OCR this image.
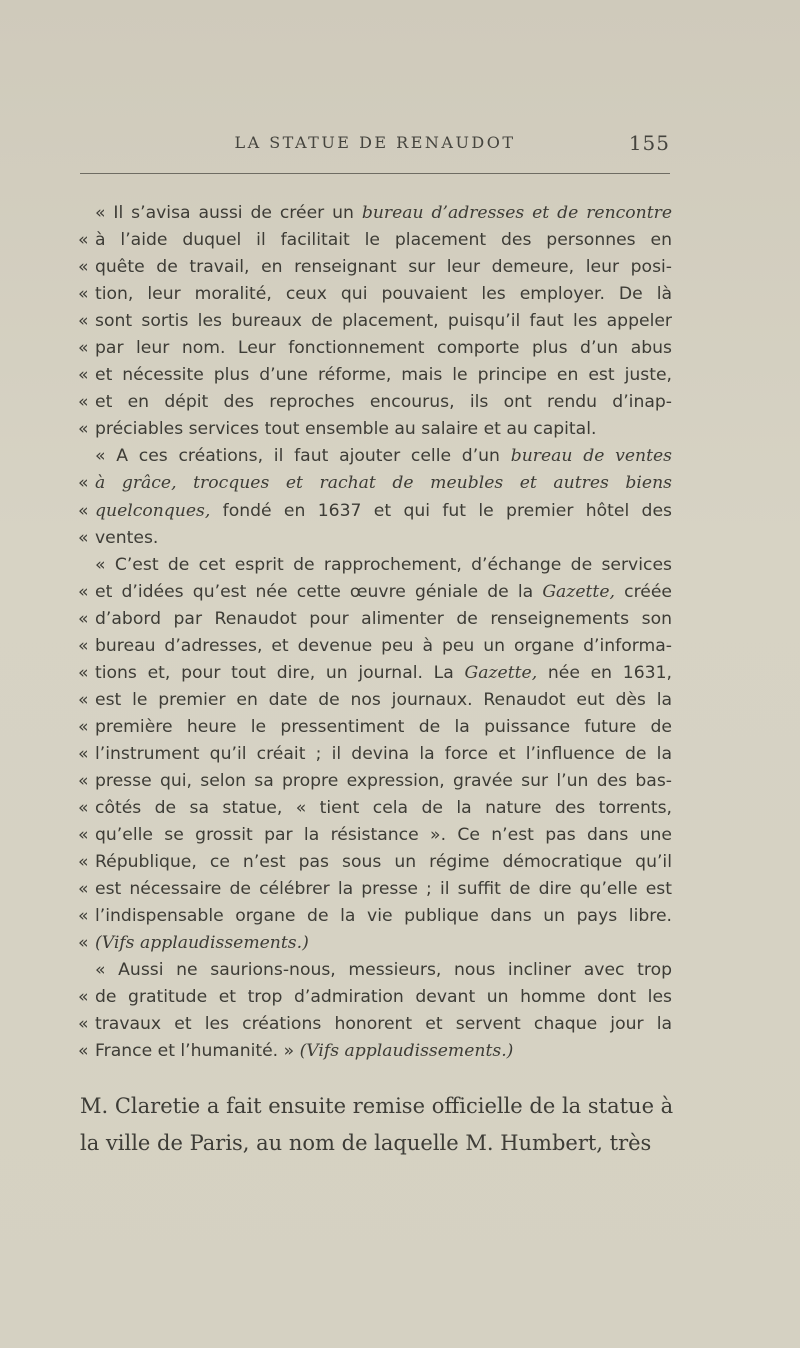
LA STATUE DE RENAUDOT	155
« Il s’avisa aussi de créer un bureau d’adresses et de rencontre
« à l’aide duquel il facilitait le placement des personnes en
« quête de travail, en renseignant sur leur demeure, leur posi-
« tion, leur moralité, ceux qui pouvaient les employer. De là
« sont sortis les bureaux de placement, puisqu’il faut les appeler
« par leur nom. Leur fonctionnement comporte plus d’un abus
« et nécessite plus d’une réforme, mais le principe en est juste,
« et en dépit des reproches encourus, ils ont rendu d’inap-
« préciables services tout ensemble au salaire et au capital.
« A ces créations, il faut ajouter celle d’un bureau de ventes
« à grâce, trocques et rachat de meubles et autres biens
« quelconques, fondé en 1637 et qui fut le premier hôtel des
« ventes.
« C’est de cet esprit de rapprochement, d’échange de services
« et d’idées qu’est née cette œuvre géniale de la Gazette, créée
« d’abord par Renaudot pour alimenter de renseignements son
« bureau d’adresses, et devenue peu à peu un organe d’informa-
« tions et, pour tout dire, un journal. La Gazette, née en 1631,
« est le premier en date de nos journaux. Renaudot eut dès la
« première heure le pressentiment de la puissance future de
« l’instrument qu’il créait ; il devina la force et l’influence de la
« presse qui, selon sa propre expression, gravée sur l’un des bas-
« côtés de sa statue, « tient cela de la nature des torrents,
« qu’elle se grossit par la résistance ». Ce n’est pas dans une
« République, ce n’est pas sous un régime démocratique qu’il
« est nécessaire de célébrer la presse ; il suffit de dire qu’elle est
« l’indispensable organe de la vie publique dans un pays libre.
« (Vifs applaudissements.)
« Aussi ne saurions-nous, messieurs, nous incliner avec trop
« de gratitude et trop d’admiration devant un homme dont les
« travaux et les créations honorent et servent chaque jour la
« France et l’humanité. » (Vifs applaudissements.)
M. Claretie a fait ensuite remise officielle de la statue à
la ville de Paris, au nom de laquelle M. Humbert, très
